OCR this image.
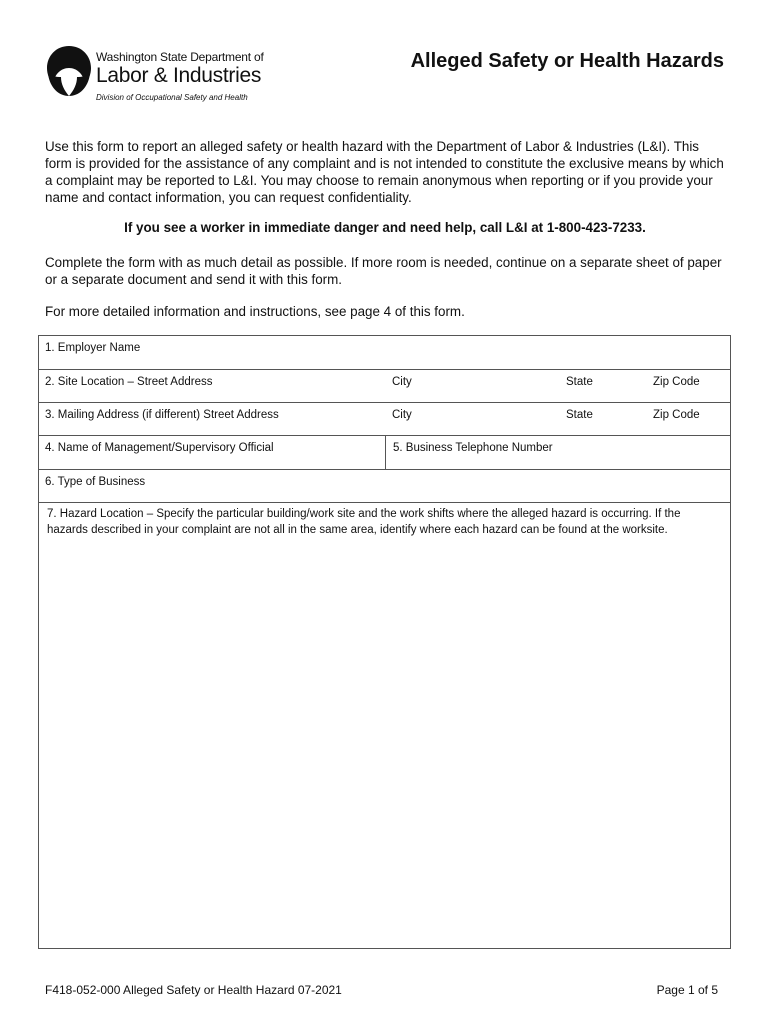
Washington State Department of
Labor & Industries
Division of Occupational Safety and Health
Alleged Safety or Health Hazards

Use this form to report an alleged safety or health hazard with the Department of Labor & Industries (L&I). This form is provided for the assistance of any complaint and is not intended to constitute the exclusive means by which a complaint may be reported to L&I. You may choose to remain anonymous when reporting or if you provide your name and contact information, you can request confidentiality.

If you see a worker in immediate danger and need help, call L&I at 1-800-423-7233.

Complete the form with as much detail as possible. If more room is needed, continue on a separate sheet of paper or a separate document and send it with this form.

For more detailed information and instructions, see page 4 of this form.

1. Employer Name
2. Site Location – Street Address	City	State	Zip Code
3. Mailing Address (if different) Street Address	City	State	Zip Code
4. Name of Management/Supervisory Official	5. Business Telephone Number
6. Type of Business

7. Hazard Location – Specify the particular building/work site and the work shifts where the alleged hazard is occurring. If the hazards described in your complaint are not all in the same area, identify where each hazard can be found at the worksite.

F418-052-000 Alleged Safety or Health Hazard 07-2021	Page 1 of 5
